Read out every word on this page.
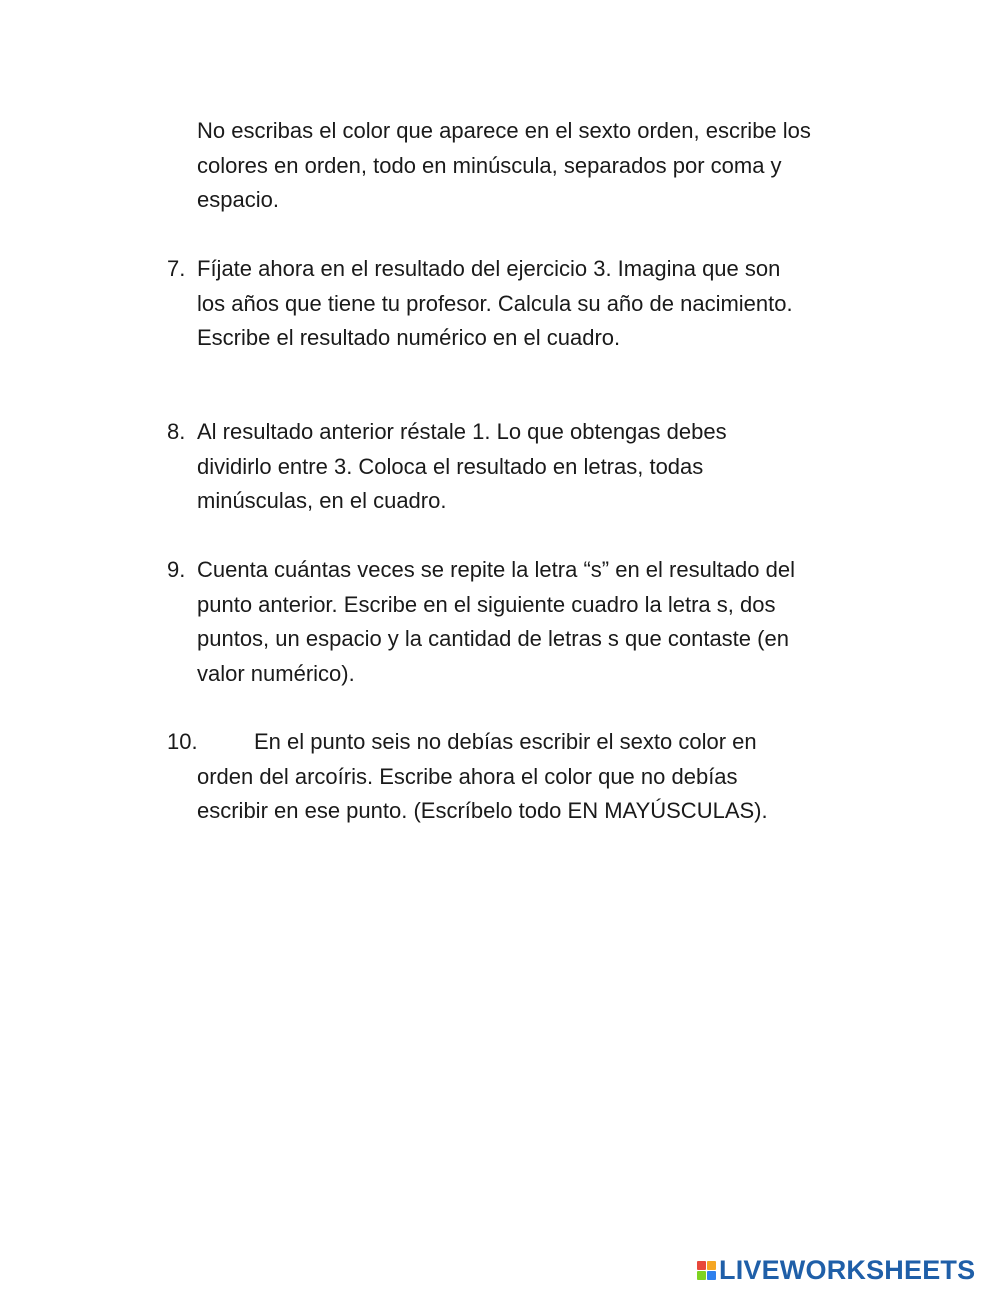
No escribas el color que aparece en el sexto orden, escribe los
colores en orden, todo en minúscula, separados por coma y
espacio.

7. Fíjate ahora en el resultado del ejercicio 3. Imagina que son
los años que tiene tu profesor. Calcula su año de nacimiento.
Escribe el resultado numérico en el cuadro.
8. Al resultado anterior réstale 1. Lo que obtengas debes
dividirlo entre 3. Coloca el resultado en letras, todas
minúsculas, en el cuadro.
9. Cuenta cuántas veces se repite la letra “s” en el resultado del
punto anterior. Escribe en el siguiente cuadro la letra s, dos
puntos, un espacio y la cantidad de letras s que contaste (en
valor numérico).
10.	En el punto seis no debías escribir el sexto color en
orden del arcoíris. Escribe ahora el color que no debías
escribir en ese punto. (Escríbelo todo EN MAYÚSCULAS).
LIVEWORKSHEETS
